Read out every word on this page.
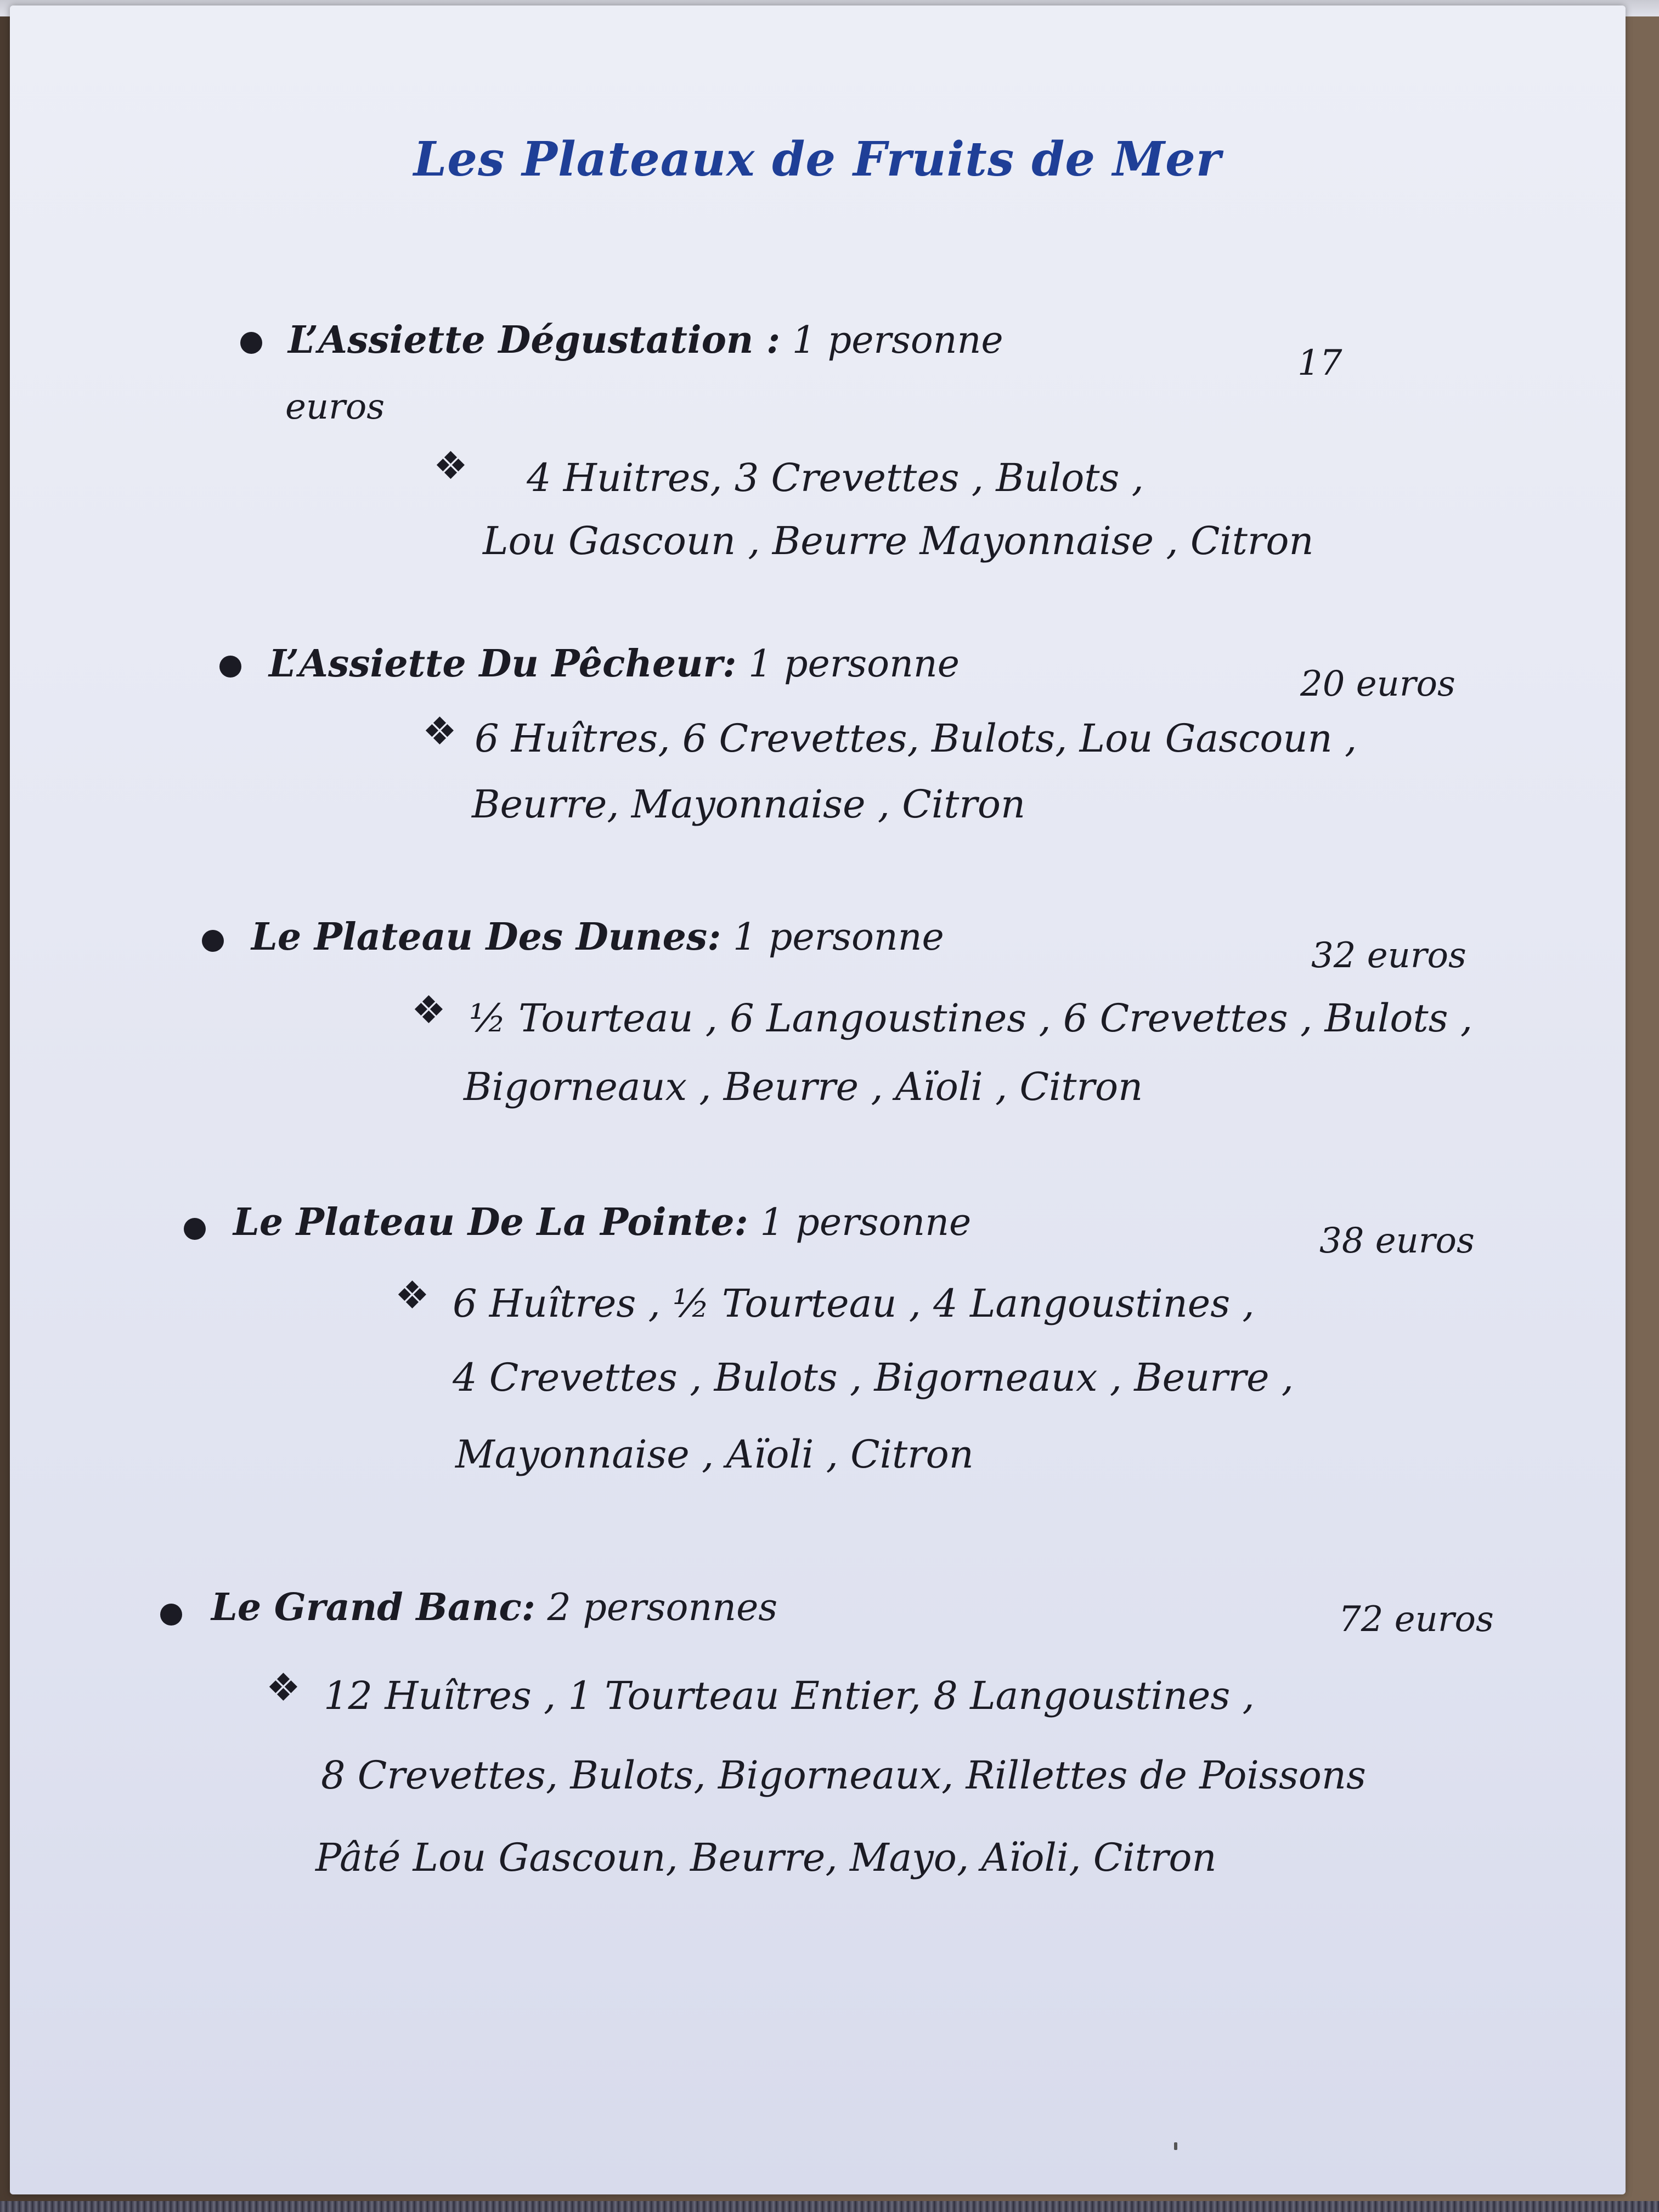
Les Plateaux de Fruits de Mer
L’Assiette Dégustation : 1 personne
17
euros
❖ 4 Huitres, 3 Crevettes , Bulots ,
Lou Gascoun , Beurre Mayonnaise , Citron
L’Assiette Du Pêcheur: 1 personne	20 euros
❖ 6 Huîtres, 6 Crevettes, Bulots, Lou Gascoun ,
Beurre, Mayonnaise , Citron
Le Plateau Des Dunes: 1 personne	32 euros
❖ ½ Tourteau , 6 Langoustines , 6 Crevettes , Bulots ,
Bigorneaux , Beurre , Aïoli , Citron
Le Plateau De La Pointe: 1 personne	38 euros
❖ 6 Huîtres , ½ Tourteau , 4 Langoustines ,
4 Crevettes , Bulots , Bigorneaux , Beurre ,
Mayonnaise , Aïoli , Citron
Le Grand Banc: 2 personnes	72 euros
❖ 12 Huîtres , 1 Tourteau Entier, 8 Langoustines ,
8 Crevettes, Bulots, Bigorneaux, Rillettes de Poissons
Pâté Lou Gascoun, Beurre, Mayo, Aïoli, Citron
